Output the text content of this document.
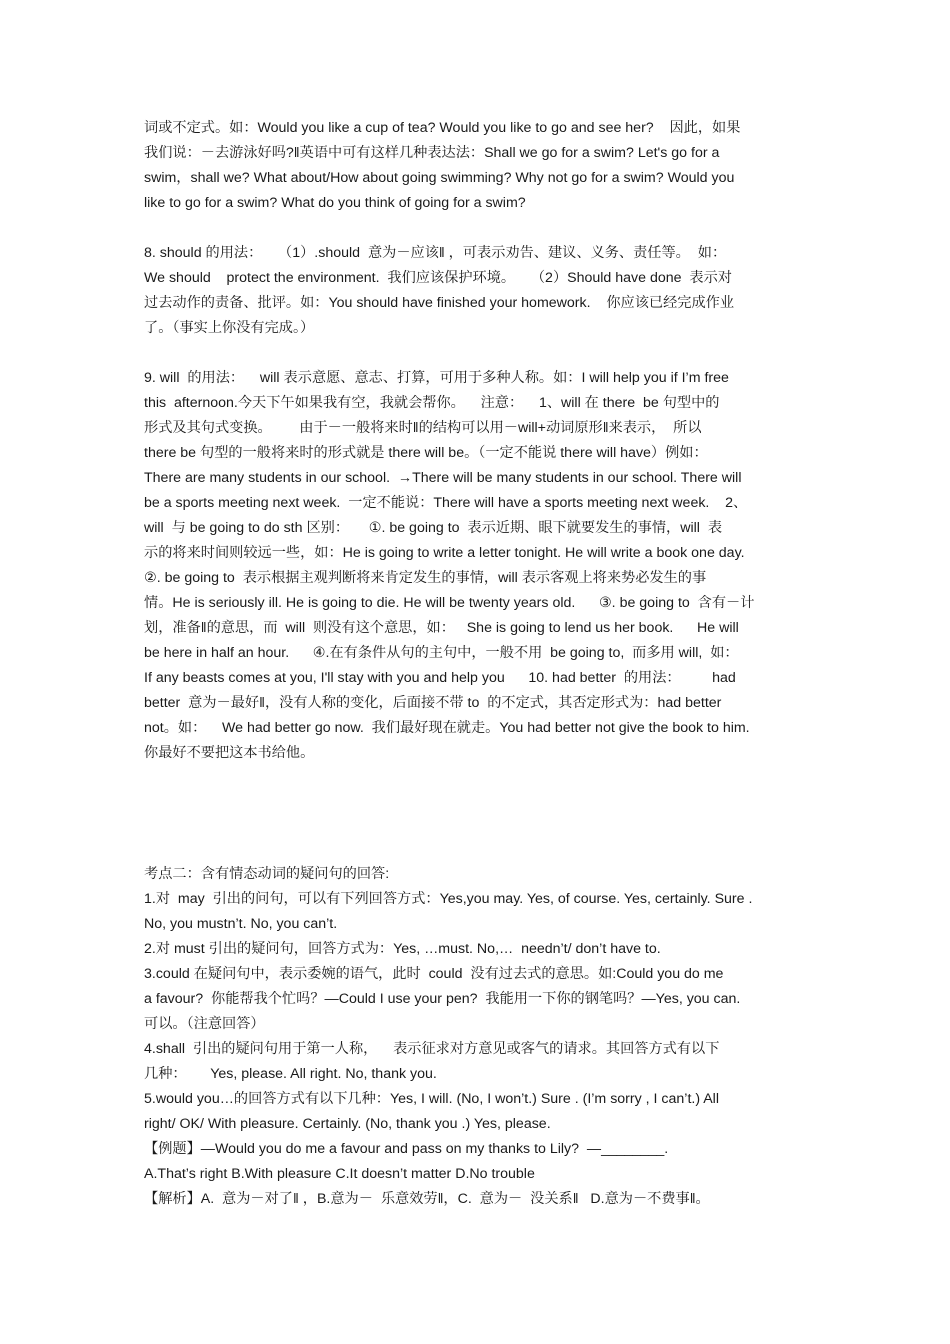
词或不定式。如：Would you like a cup of tea? Would you like to go and see her?    因此，如果
我们说：－去游泳好吗?‖英语中可有这样几种表达法：Shall we go for a swim? Let's go for a
swim，shall we? What about/How about going swimming? Why not go for a swim? Would you
like to go for a swim? What do you think of going for a swim?
8. should 的用法：    （1）.should  意为－应该‖ ，可表示劝告、建议、义务、责任等。  如：
We should    protect the environment.  我们应该保护环境。    （2）Should have done  表示对
过去动作的责备、批评。如：You should have finished your homework.    你应该已经完成作业
了。（事实上你没有完成。）
9. will  的用法：    will 表示意愿、意志、打算，可用于多种人称。如：I will help you if I’m free
this  afternoon.今天下午如果我有空，我就会帮你。    注意：    1、will 在 there  be 句型中的
形式及其句式变换。       由于－一般将来时‖的结构可以用－will+动词原形‖来表示，  所以
there be 句型的一般将来时的形式就是 there will be。（一定不能说 there will have）例如：
There are many students in our school.  →There will be many students in our school. There will
be a sports meeting next week.  一定不能说：There will have a sports meeting next week.    2、
will  与 be going to do sth 区别：     ①. be going to  表示近期、眼下就要发生的事情，will  表
示的将来时间则较远一些，如：He is going to write a letter tonight. He will write a book one day.
②. be going to  表示根据主观判断将来肯定发生的事情，will 表示客观上将来势必发生的事
情。He is seriously ill. He is going to die. He will be twenty years old.      ③. be going to  含有－计
划，准备‖的意思，而  will  则没有这个意思，如：   She is going to lend us her book.      He will
be here in half an hour.      ④.在有条件从句的主句中，一般不用  be going to,  而多用 will,  如：
If any beasts comes at you, I'll stay with you and help you      10. had better  的用法：        had
better  意为－最好‖，没有人称的变化，后面接不带 to  的不定式，其否定形式为：had better
not。如：    We had better go now.  我们最好现在就走。You had better not give the book to him.
你最好不要把这本书给他。
考点二：含有情态动词的疑问句的回答:
1.对  may  引出的问句，可以有下列回答方式：Yes,you may. Yes, of course. Yes, certainly. Sure .
No, you mustn’t. No, you can’t.
2.对 must 引出的疑问句，回答方式为：Yes, …must. No,…  needn’t/ don’t have to.
3.could 在疑问句中，表示委婉的语气，此时  could  没有过去式的意思。如:Could you do me
a favour?  你能帮我个忙吗？—Could I use your pen?  我能用一下你的钢笔吗？—Yes, you can.
可以。（注意回答）
4.shall  引出的疑问句用于第一人称，    表示征求对方意见或客气的请求。其回答方式有以下
几种：      Yes, please. All right. No, thank you.
5.would you…的回答方式有以下几种：Yes, I will. (No, I won’t.) Sure . (I’m sorry , I can’t.) All
right/ OK/ With pleasure. Certainly. (No, thank you .) Yes, please.
【例题】—Would you do me a favour and pass on my thanks to Lily?  —________.
A.That’s right B.With pleasure C.It doesn’t matter D.No trouble
【解析】A.  意为－对了‖ ，B.意为－  乐意效劳‖，C.  意为－  没关系‖   D.意为－不费事‖。
